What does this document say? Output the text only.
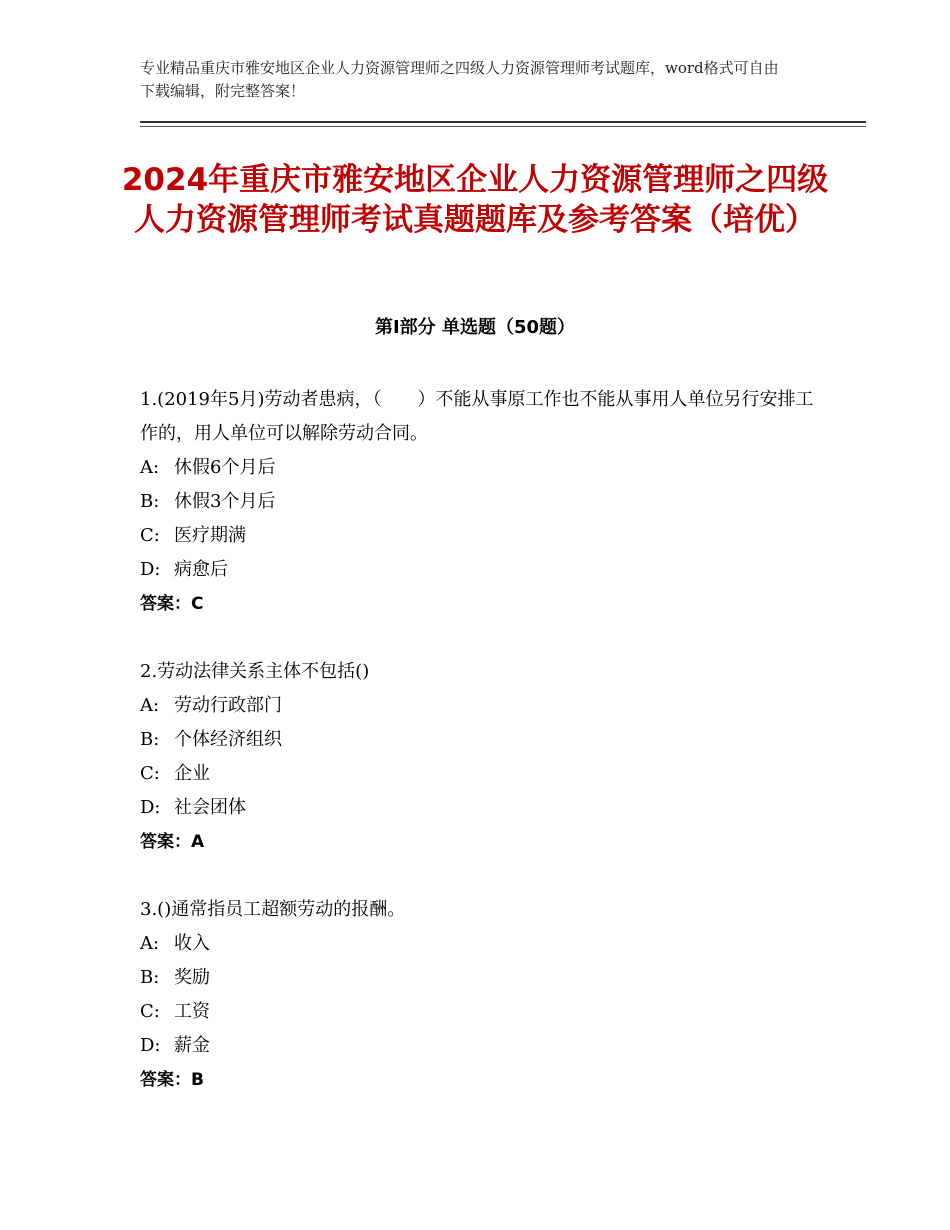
专业精品重庆市雅安地区企业人力资源管理师之四级人力资源管理师考试题库，word格式可自由下载编辑，附完整答案！
2024年重庆市雅安地区企业人力资源管理师之四级人力资源管理师考试真题题库及参考答案（培优）
第Ⅰ部分 单选题（50题）
1.(2019年5月)劳动者患病，（　　）不能从事原工作也不能从事用人单位另行安排工作的，用人单位可以解除劳动合同。
A: 休假6个月后
B: 休假3个月后
C: 医疗期满
D: 病愈后
答案：C
2.劳动法律关系主体不包括()
A: 劳动行政部门
B: 个体经济组织
C: 企业
D: 社会团体
答案：A
3.()通常指员工超额劳动的报酬。
A: 收入
B: 奖励
C: 工资
D: 薪金
答案：B
